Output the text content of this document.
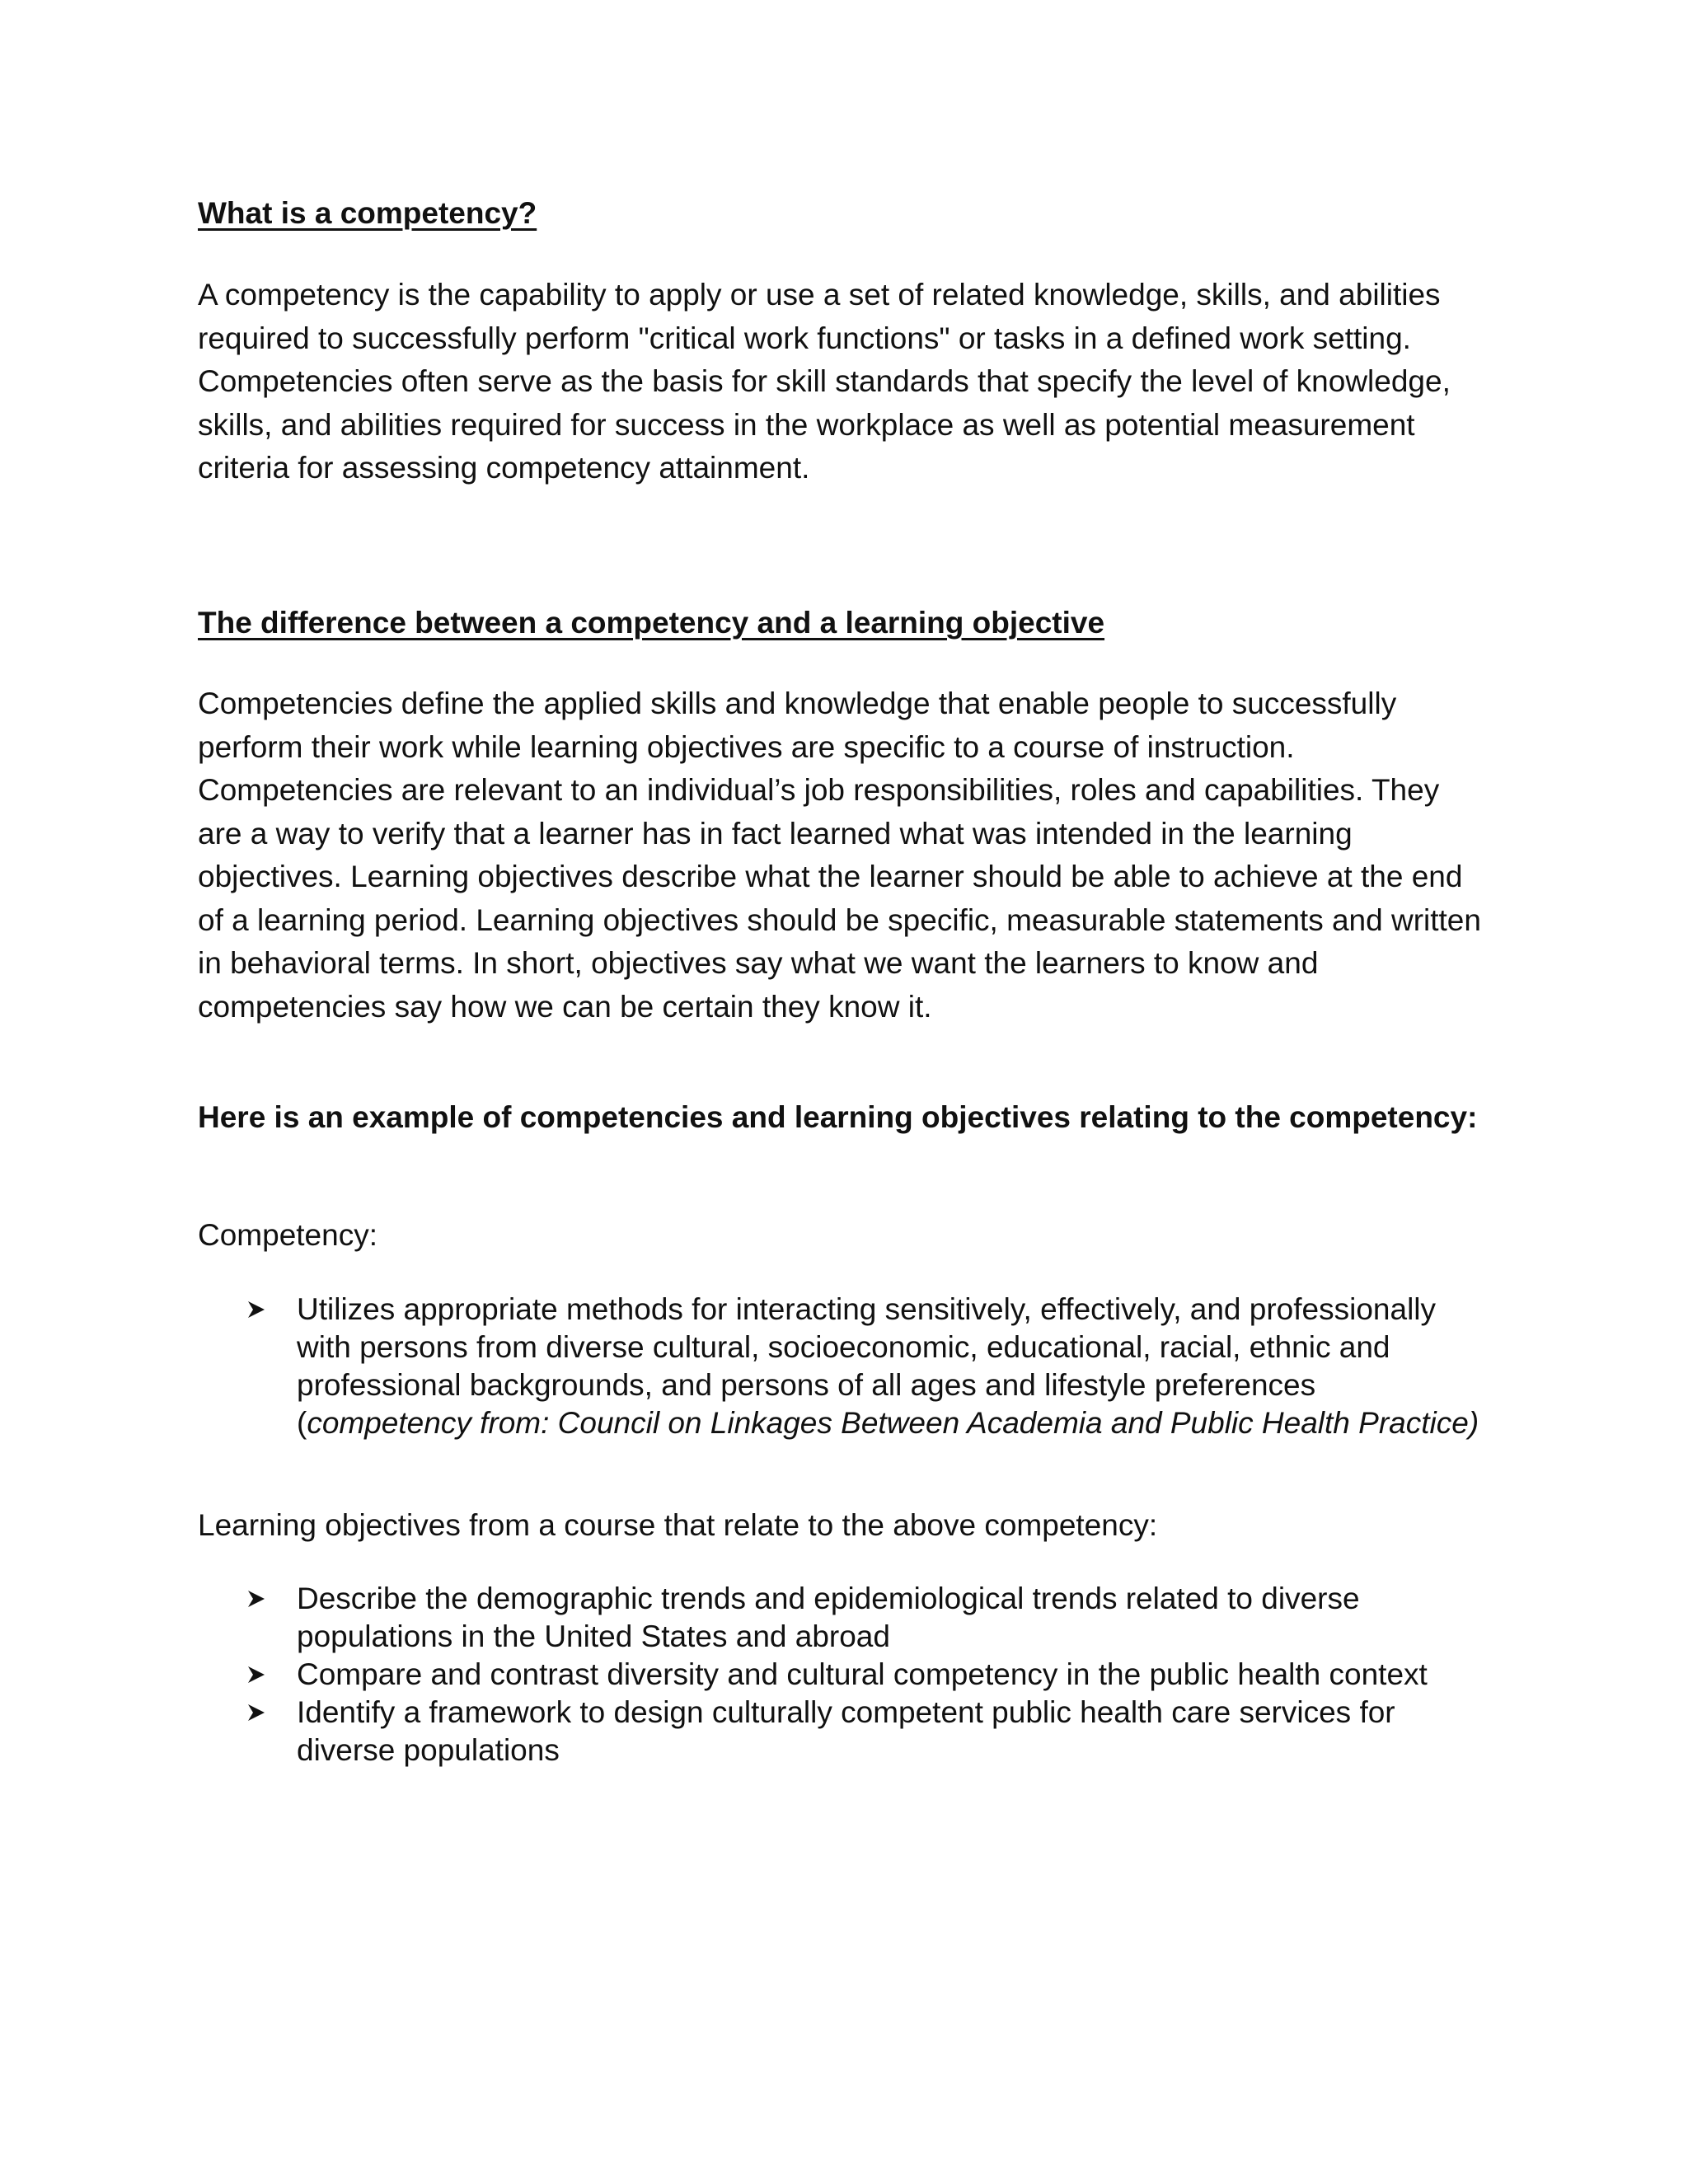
What is a competency?

A competency is the capability to apply or use a set of related knowledge, skills, and abilities required to successfully perform "critical work functions" or tasks in a defined work setting. Competencies often serve as the basis for skill standards that specify the level of knowledge, skills, and abilities required for success in the workplace as well as potential measurement criteria for assessing competency attainment.

The difference between a competency and a learning objective

Competencies define the applied skills and knowledge that enable people to successfully perform their work while learning objectives are specific to a course of instruction. Competencies are relevant to an individual’s job responsibilities, roles and capabilities. They are a way to verify that a learner has in fact learned what was intended in the learning objectives. Learning objectives describe what the learner should be able to achieve at the end of a learning period. Learning objectives should be specific, measurable statements and written in behavioral terms. In short, objectives say what we want the learners to know and competencies say how we can be certain they know it.

Here is an example of competencies and learning objectives relating to the competency:

Competency:

Utilizes appropriate methods for interacting sensitively, effectively, and professionally with persons from diverse cultural, socioeconomic, educational, racial, ethnic and professional backgrounds, and persons of all ages and lifestyle preferences (competency from: Council on Linkages Between Academia and Public Health Practice)

Learning objectives from a course that relate to the above competency:

Describe the demographic trends and epidemiological trends related to diverse populations in the United States and abroad
Compare and contrast diversity and cultural competency in the public health context
Identify a framework to design culturally competent public health care services for diverse populations
